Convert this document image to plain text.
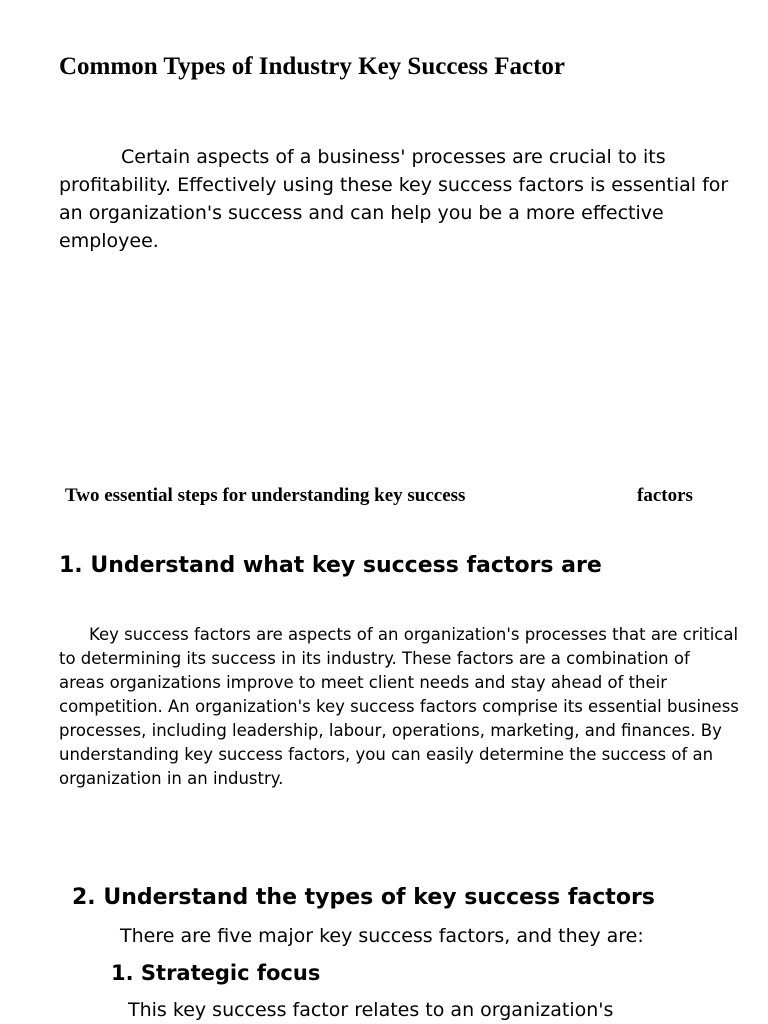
Common Types of Industry Key Success Factor

Certain aspects of a business' processes are crucial to its profitability. Effectively using these key success factors is essential for an organization's success and can help you be a more effective employee.

Two essential steps for understanding key success	factors
1. Understand what key success factors are

Key success factors are aspects of an organization's processes that are critical to determining its success in its industry. These factors are a combination of areas organizations improve to meet client needs and stay ahead of their competition. An organization's key success factors comprise its essential business processes, including leadership, labour, operations, marketing, and finances. By understanding key success factors, you can easily determine the success of an organization in an industry.

2. Understand the types of key success factors

There are five major key success factors, and they are:

1. Strategic focus

This key success factor relates to an organization's
